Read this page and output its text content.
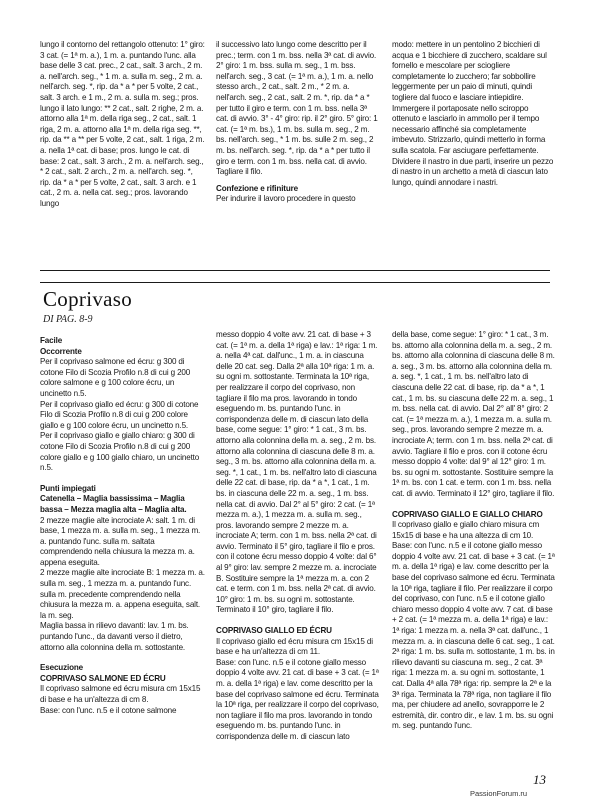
lungo il contorno del rettangolo ottenuto: 1° giro: 3 cat. (= 1ª m. a.), 1 m. a. puntando l'unc. alla base delle 3 cat. prec., 2 cat., salt. 3 arch., 2 m. a. nell'arch. seg., * 1 m. a. sulla m. seg., 2 m. a. nell'arch. seg. *, rip. da * a * per 5 volte, 2 cat., salt. 3 arch. e 1 m., 2 m. a. sulla m. seg.; pros. lungo il lato lungo: ** 2 cat., salt. 2 righe, 2 m. a. attorno alla 1ª m. della riga seg., 2 cat., salt. 1 riga, 2 m. a. attorno alla 1ª m. della riga seg. **, rip. da ** a ** per 5 volte, 2 cat., salt. 1 riga, 2 m. a. nella 1ª cat. di base; pros. lungo le cat. di base: 2 cat., salt. 3 arch., 2 m. a. nell'arch. seg., * 2 cat., salt. 2 arch., 2 m. a. nell'arch. seg. *, rip. da * a * per 5 volte, 2 cat., salt. 3 arch. e 1 cat., 2 m. a. nella cat. seg.; pros. lavorando lungo

il successivo lato lungo come descritto per il prec.; term. con 1 m. bss. nella 3ª cat. di avvio. 2° giro: 1 m. bss. sulla m. seg., 1 m. bss. nell'arch. seg., 3 cat. (= 1ª m. a.), 1 m. a. nello stesso arch., 2 cat., salt. 2 m., * 2 m. a. nell'arch. seg., 2 cat., salt. 2 m. *, rip. da * a * per tutto il giro e term. con 1 m. bss. nella 3ª cat. di avvio. 3° - 4° giro: rip. il 2° giro. 5° giro: 1 cat. (= 1ª m. bs.), 1 m. bs. sulla m. seg., 2 m. bs. nell'arch. seg., * 1 m. bs. sulle 2 m. seg., 2 m. bs. nell'arch. seg. *, rip. da * a * per tutto il giro e term. con 1 m. bss. nella cat. di avvio. Tagliare il filo.

Confezione e rifiniture

Per indurire il lavoro procedere in questo

modo: mettere in un pentolino 2 bicchieri di acqua e 1 bicchiere di zucchero, scaldare sul fornello e mescolare per sciogliere completamente lo zucchero; far sobbollire leggermente per un paio di minuti, quindi togliere dal fuoco e lasciare intiepidire. Immergere il portaposate nello sciroppo ottenuto e lasciarlo in ammollo per il tempo necessario affinché sia completamente imbevuto. Strizzarlo, quindi metterlo in forma sulla scatola. Far asciugare perfettamente. Dividere il nastro in due parti, inserire un pezzo di nastro in un archetto a metà di ciascun lato lungo, quindi annodare i nastri.

Coprivaso
DI PAG. 8-9

Facile

Occorrente

Per il coprivaso salmone ed écru: g 300 di cotone Filo di Scozia Profilo n.8 di cui g 200 colore salmone e g 100 colore écru, un uncinetto n.5.

Per il coprivaso giallo ed écru: g 300 di cotone Filo di Scozia Profilo n.8 di cui g 200 colore giallo e g 100 colore écru, un uncinetto n.5.

Per il coprivaso giallo e giallo chiaro: g 300 di cotone Filo di Scozia Profilo n.8 di cui g 200 colore giallo e g 100 giallo chiaro, un uncinetto n.5.

Punti impiegati

Catenella – Maglia bassissima – Maglia bassa – Mezza maglia alta – Maglia alta.

2 mezze maglie alte incrociate A: salt. 1 m. di base, 1 mezza m. a. sulla m. seg., 1 mezza m. a. puntando l'unc. sulla m. saltata comprendendo nella chiusura la mezza m. a. appena eseguita.

2 mezze maglie alte incrociate B: 1 mezza m. a. sulla m. seg., 1 mezza m. a. puntando l'unc. sulla m. precedente comprendendo nella chiusura la mezza m. a. appena eseguita, salt. la m. seg.

Maglia bassa in rilievo davanti: lav. 1 m. bs. puntando l'unc., da davanti verso il dietro, attorno alla colonnina della m. sottostante.

Esecuzione

COPRIVASO SALMONE ED ÉCRU

Il coprivaso salmone ed écru misura cm 15x15 di base e ha un'altezza di cm 8.

Base: con l'unc. n.5 e il cotone salmone

messo doppio 4 volte avv. 21 cat. di base + 3 cat. (= 1ª m. a. della 1ª riga) e lav.: 1ª riga: 1 m. a. nella 4ª cat. dall'unc., 1 m. a. in ciascuna delle 20 cat. seg. Dalla 2ª alla 10ª riga: 1 m. a. su ogni m. sottostante. Terminata la 10ª riga, per realizzare il corpo del coprivaso, non tagliare il filo ma pros. lavorando in tondo eseguendo m. bs. puntando l'unc. in corrispondenza delle m. di ciascun lato della base, come segue: 1° giro: * 1 cat., 3 m. bs. attorno alla colonnina della m. a. seg., 2 m. bs. attorno alla colonnina di ciascuna delle 8 m. a. seg., 3 m. bs. attorno alla colonnina della m. a. seg. *, 1 cat., 1 m. bs. nell'altro lato di ciascuna delle 22 cat. di base, rip. da * a *, 1 cat., 1 m. bs. in ciascuna delle 22 m. a. seg., 1 m. bss. nella cat. di avvio. Dal 2° al 5° giro: 2 cat. (= 1ª mezza m. a.), 1 mezza m. a. sulla m. seg., pros. lavorando sempre 2 mezze m. a. incrociate A; term. con 1 m. bss. nella 2ª cat. di avvio. Terminato il 5° giro, tagliare il filo e pros. con il cotone écru messo doppio 4 volte: dal 6° al 9° giro: lav. sempre 2 mezze m. a. incrociate B. Sostituire sempre la 1ª mezza m. a. con 2 cat. e term. con 1 m. bss. nella 2ª cat. di avvio. 10° giro: 1 m. bs. su ogni m. sottostante. Terminato il 10° giro, tagliare il filo.

COPRIVASO GIALLO ED ÉCRU

Il coprivaso giallo ed écru misura cm 15x15 di base e ha un'altezza di cm 11.

Base: con l'unc. n.5 e il cotone giallo messo doppio 4 volte avv. 21 cat. di base + 3 cat. (= 1ª m. a. della 1ª riga) e lav. come descritto per la base del coprivaso salmone ed écru. Terminata la 10ª riga, per realizzare il corpo del coprivaso, non tagliare il filo ma pros. lavorando in tondo eseguendo m. bs. puntando l'unc. in corrispondenza delle m. di ciascun lato

della base, come segue: 1° giro: * 1 cat., 3 m. bs. attorno alla colonnina della m. a. seg., 2 m. bs. attorno alla colonnina di ciascuna delle 8 m. a. seg., 3 m. bs. attorno alla colonnina della m. a. seg. *, 1 cat., 1 m. bs. nell'altro lato di ciascuna delle 22 cat. di base, rip. da * a *, 1 cat., 1 m. bs. su ciascuna delle 22 m. a. seg., 1 m. bss. nella cat. di avvio. Dal 2° all' 8° giro: 2 cat. (= 1ª mezza m. a.), 1 mezza m. a. sulla m. seg., pros. lavorando sempre 2 mezze m. a. incrociate A; term. con 1 m. bss. nella 2ª cat. di avvio. Tagliare il filo e pros. con il cotone écru messo doppio 4 volte: dal 9° al 12° giro: 1 m. bs. su ogni m. sottostante. Sostituire sempre la 1ª m. bs. con 1 cat. e term. con 1 m. bss. nella cat. di avvio. Terminato il 12° giro, tagliare il filo.

COPRIVASO GIALLO E GIALLO CHIARO

Il coprivaso giallo e giallo chiaro misura cm 15x15 di base e ha una altezza di cm 10.

Base: con l'unc. n.5 e il cotone giallo messo doppio 4 volte avv. 21 cat. di base + 3 cat. (= 1ª m. a. della 1ª riga) e lav. come descritto per la base del coprivaso salmone ed écru. Terminata la 10ª riga, tagliare il filo. Per realizzare il corpo del coprivaso, con l'unc. n.5 e il cotone giallo chiaro messo doppio 4 volte avv. 7 cat. di base + 2 cat. (= 1ª mezza m. a. della 1ª riga) e lav.: 1ª riga: 1 mezza m. a. nella 3ª cat. dall'unc., 1 mezza m. a. in ciascuna delle 6 cat. seg., 1 cat. 2ª riga: 1 m. bs. sulla m. sottostante, 1 m. bs. in rilievo davanti su ciascuna m. seg., 2 cat. 3ª riga: 1 mezza m. a. su ogni m. sottostante, 1 cat. Dalla 4ª alla 78ª riga: rip. sempre la 2ª e la 3ª riga. Terminata la 78ª riga, non tagliare il filo ma, per chiudere ad anello, sovrapporre le 2 estremità, dir. contro dir., e lav. 1 m. bs. su ogni m. seg. puntando l'unc.

13
PassionForum.ru
